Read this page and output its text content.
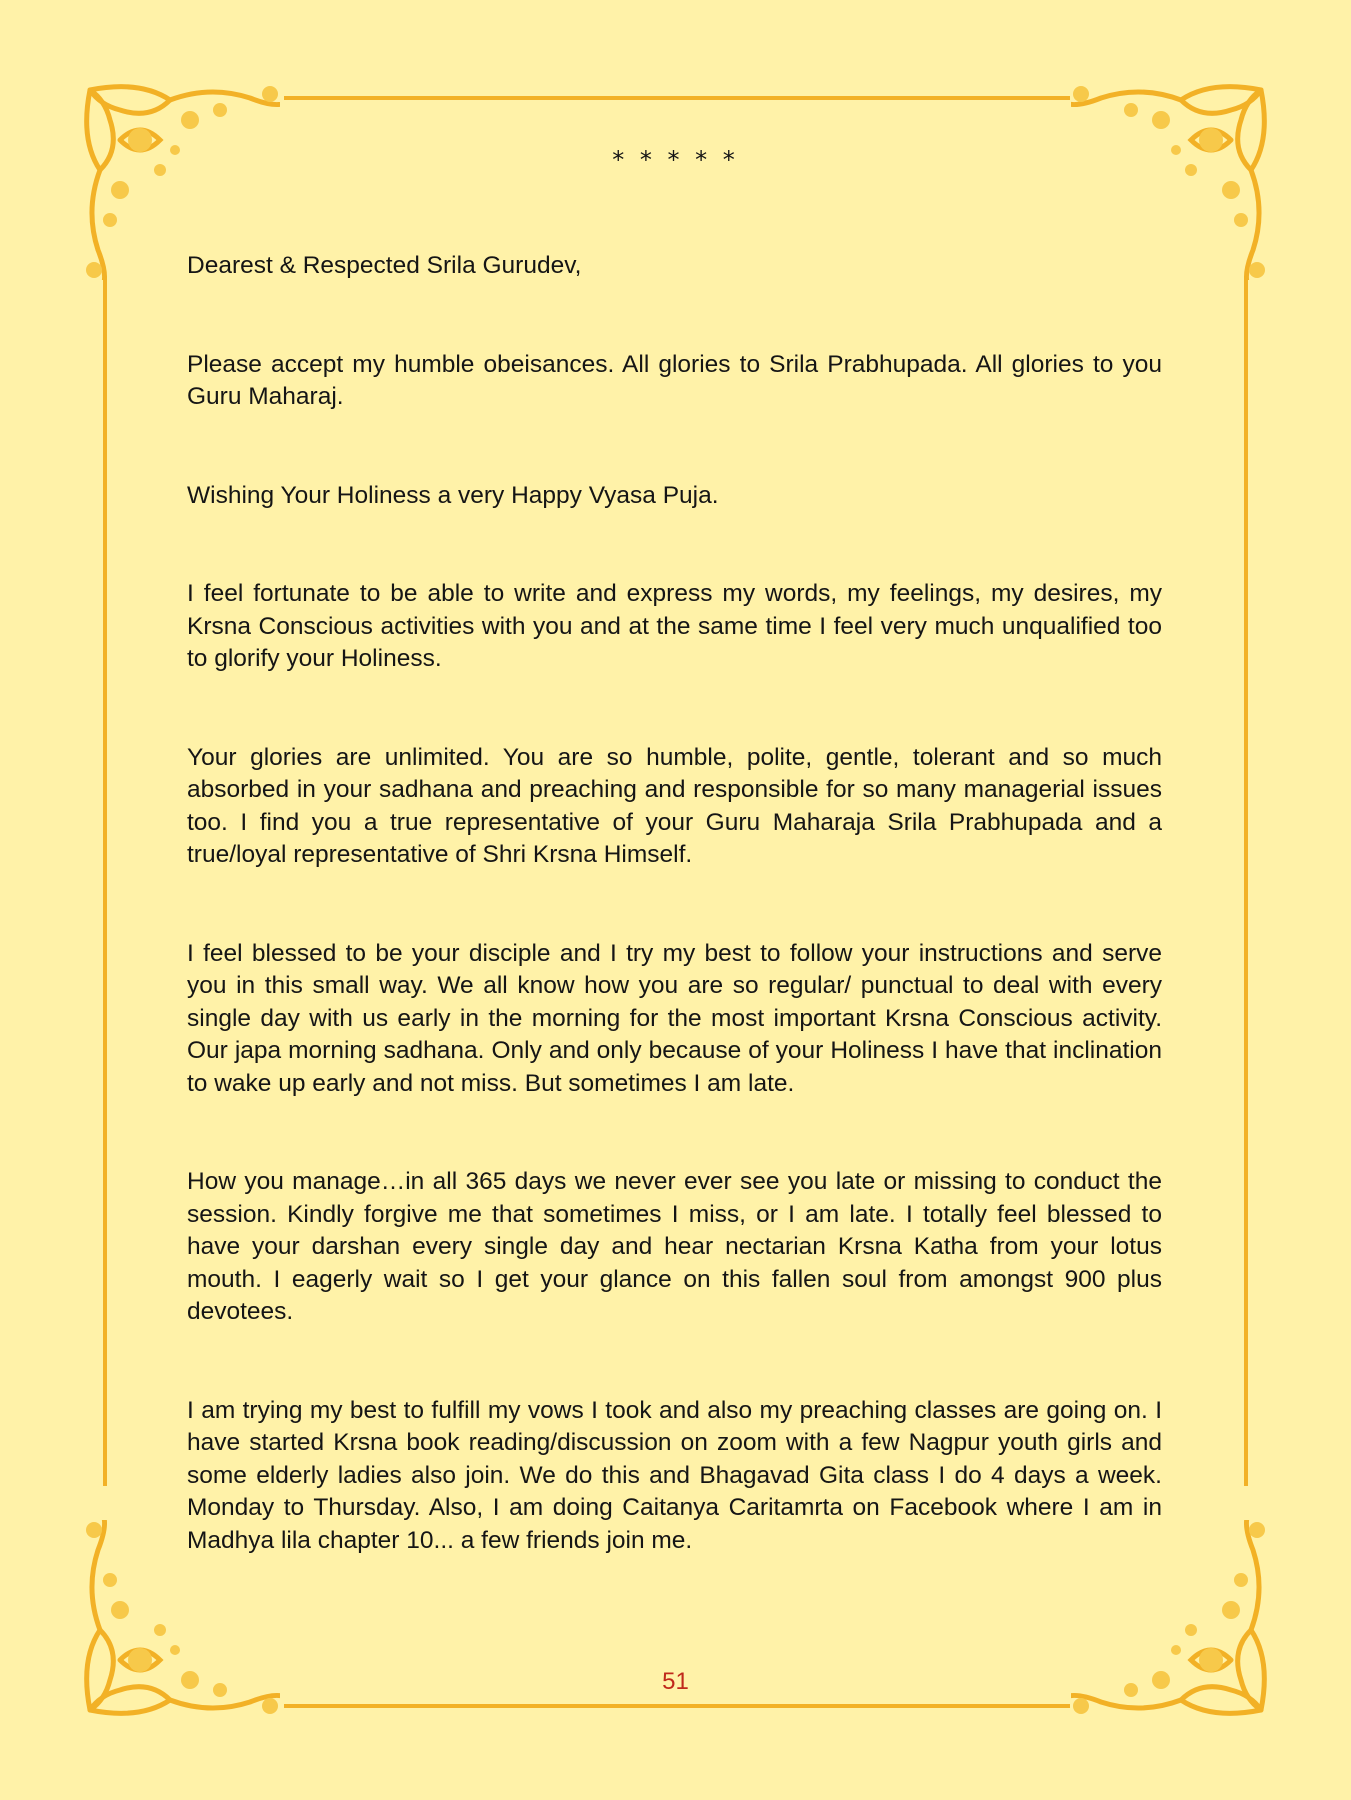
* * * * *

Dearest & Respected Srila Gurudev,

Please accept my humble obeisances. All glories to Srila Prabhupada. All glories to you Guru Maharaj.

Wishing Your Holiness a very Happy Vyasa Puja.

I feel fortunate to be able to write and express my words, my feelings, my desires, my Krsna Conscious activities with you and at the same time I feel very much unqualified too to glorify your Holiness.

Your glories are unlimited. You are so humble, polite, gentle, tolerant and so much absorbed in your sadhana and preaching and responsible for so many managerial issues too. I find you a true representative of your Guru Maharaja Srila Prabhupada and a true/loyal representative of Shri Krsna Himself.

I feel blessed to be your disciple and I try my best to follow your instructions and serve you in this small way. We all know how you are so regular/ punctual to deal with every single day with us early in the morning for the most important Krsna Conscious activity. Our japa morning sadhana. Only and only because of your Holiness I have that inclination to wake up early and not miss. But sometimes I am late.

How you manage…in all 365 days we never ever see you late or missing to conduct the session. Kindly forgive me that sometimes I miss, or I am late. I totally feel blessed to have your darshan every single day and hear nectarian Krsna Katha from your lotus mouth. I eagerly wait so I get your glance on this fallen soul from amongst 900 plus devotees.

I am trying my best to fulfill my vows I took and also my preaching classes are going on. I have started Krsna book reading/discussion on zoom with a few Nagpur youth girls and some elderly ladies also join. We do this and Bhagavad Gita class I do 4 days a week. Monday to Thursday. Also, I am doing Caitanya Caritamrta on Facebook where I am in Madhya lila chapter 10... a few friends join me.

51
